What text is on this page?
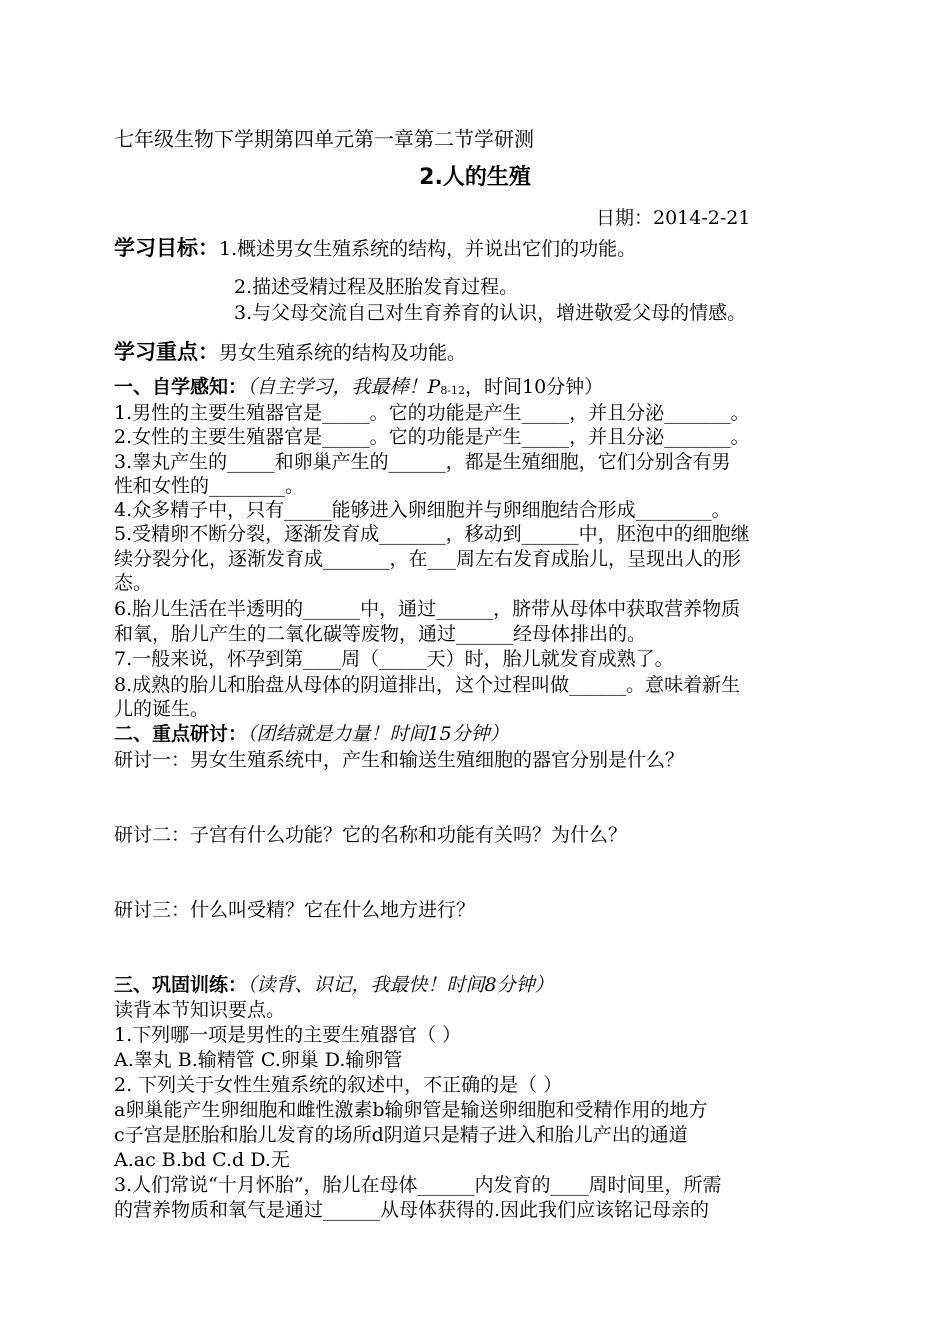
七年级生物下学期第四单元第一章第二节学研测
2.人的生殖
日期：2014-2-21
学习目标：1.概述男女生殖系统的结构，并说出它们的功能。
2.描述受精过程及胚胎发育过程。
3.与父母交流自己对生育养育的认识，增进敬爱父母的情感。
学习重点：男女生殖系统的结构及功能。
一、自学感知：（自主学习，我最棒！$P_{8-12}$，时间10分钟）
1.男性的主要生殖器官是_____。它的功能是产生_____，并且分泌_______。
2.女性的主要生殖器官是_____。它的功能是产生_____，并且分泌_______。
3.睾丸产生的_____和卵巢产生的______，都是生殖细胞，它们分别含有男
性和女性的________。
4.众多精子中，只有_____能够进入卵细胞并与卵细胞结合形成________。
5.受精卵不断分裂，逐渐发育成_______，移动到______中，胚泡中的细胞继
续分裂分化，逐渐发育成_______，在___周左右发育成胎儿，呈现出人的形
态。
6.胎儿生活在半透明的______中，通过______，脐带从母体中获取营养物质
和氧，胎儿产生的二氧化碳等废物，通过______经母体排出的。
7.一般来说，怀孕到第____周（_____天）时，胎儿就发育成熟了。
8.成熟的胎儿和胎盘从母体的阴道排出，这个过程叫做______。意味着新生
儿的诞生。
二、重点研讨：（团结就是力量！时间15分钟）
研讨一：男女生殖系统中，产生和输送生殖细胞的器官分别是什么？
研讨二：子宫有什么功能？它的名称和功能有关吗？为什么？
研讨三：什么叫受精？它在什么地方进行？
三、巩固训练：（读背、识记，我最快！时间8分钟）
读背本节知识要点。
1.下列哪一项是男性的主要生殖器官（ ）
A.睾丸 B.输精管 C.卵巢 D.输卵管
2. 下列关于女性生殖系统的叙述中，不正确的是（ ）
a卵巢能产生卵细胞和雌性激素b输卵管是输送卵细胞和受精作用的地方
c子宫是胚胎和胎儿发育的场所d阴道只是精子进入和胎儿产出的通道
A.ac B.bd C.d D.无
3.人们常说“十月怀胎”，胎儿在母体______内发育的____周时间里，所需
的营养物质和氧气是通过______从母体获得的.因此我们应该铭记母亲的
